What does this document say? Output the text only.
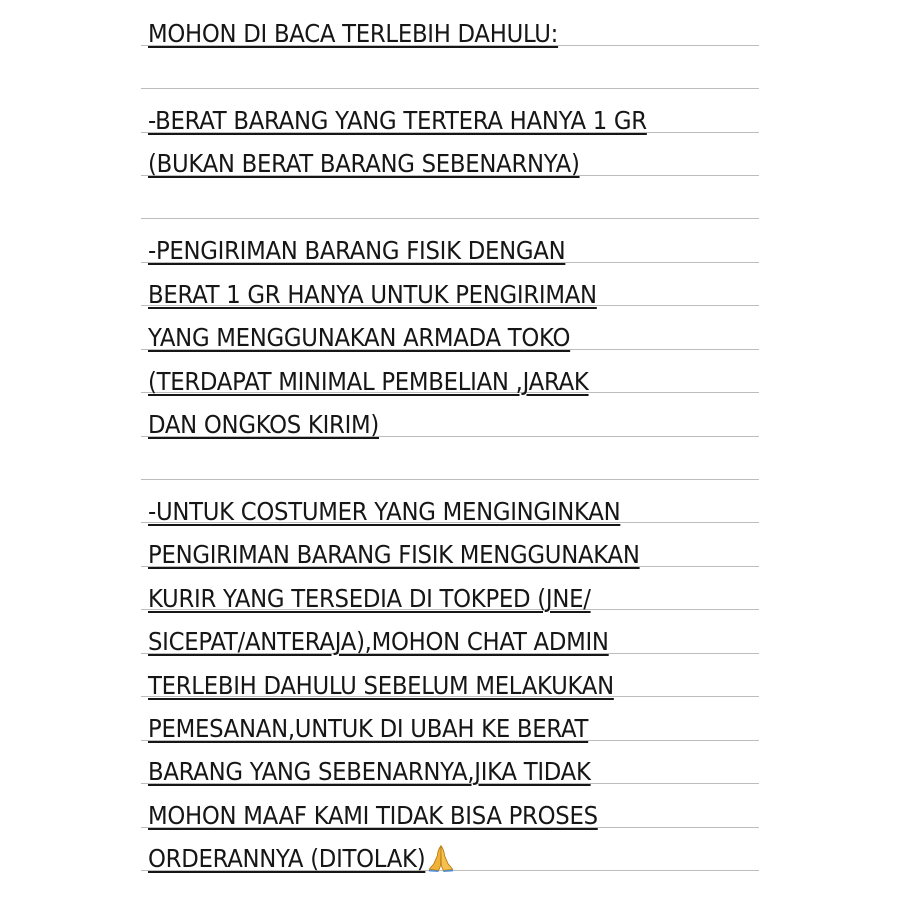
MOHON DI BACA TERLEBIH DAHULU:
-BERAT BARANG YANG TERTERA HANYA 1 GR
(BUKAN BERAT BARANG SEBENARNYA)
-PENGIRIMAN BARANG FISIK DENGAN
BERAT 1 GR HANYA UNTUK PENGIRIMAN
YANG MENGGUNAKAN ARMADA TOKO
(TERDAPAT MINIMAL PEMBELIAN ,JARAK
DAN ONGKOS KIRIM)
-UNTUK COSTUMER YANG MENGINGINKAN
PENGIRIMAN BARANG FISIK MENGGUNAKAN
KURIR YANG TERSEDIA DI TOKPED (JNE/
SICEPAT/ANTERAJA),MOHON CHAT ADMIN
TERLEBIH DAHULU SEBELUM MELAKUKAN
PEMESANAN,UNTUK DI UBAH KE BERAT
BARANG YANG SEBENARNYA,JIKA TIDAK
MOHON MAAF KAMI TIDAK BISA PROSES
ORDERANNYA (DITOLAK)
